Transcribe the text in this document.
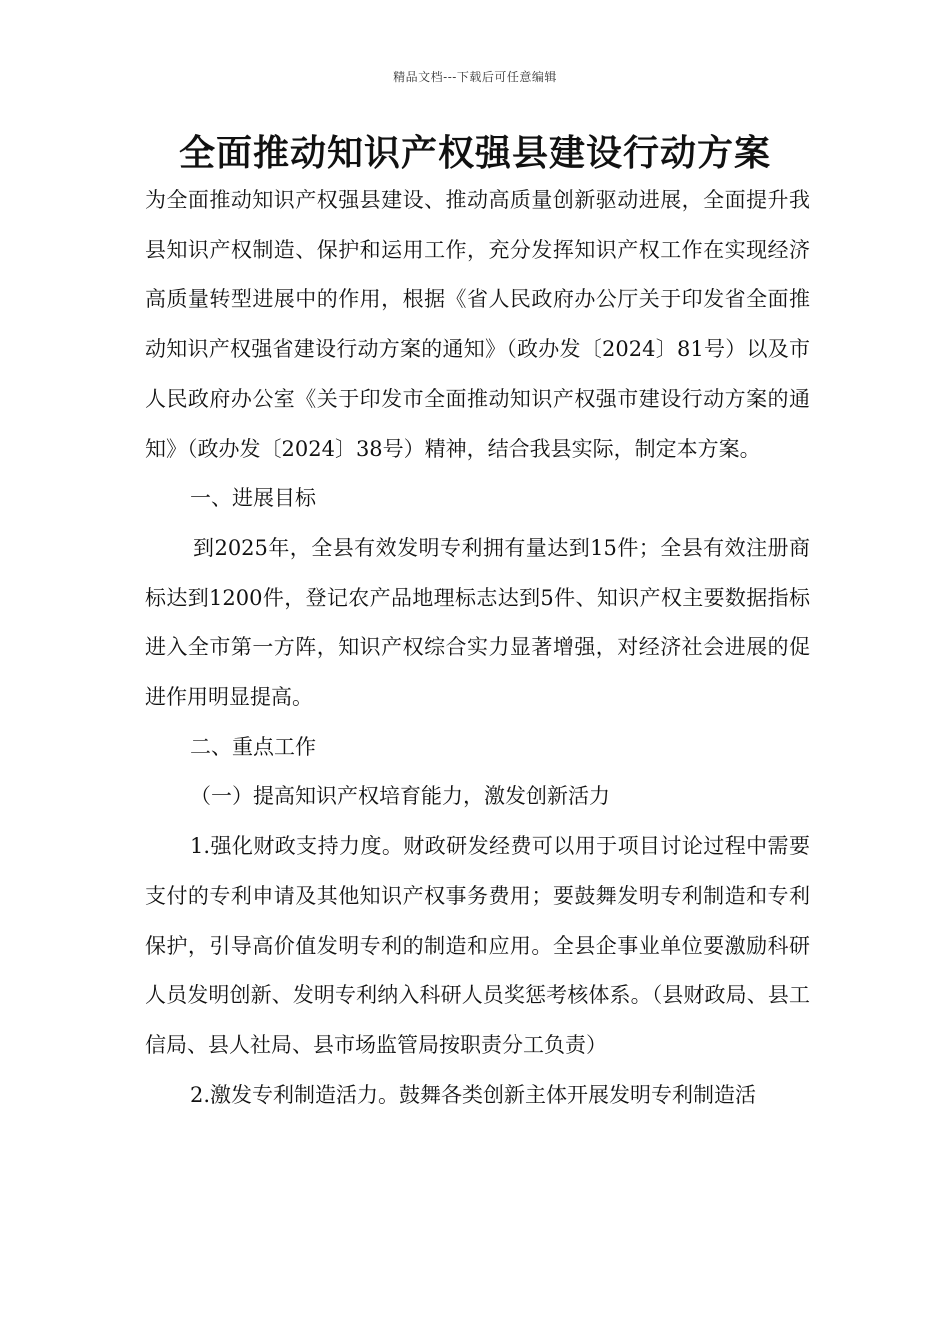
精品文档---下载后可任意编辑
全面推动知识产权强县建设行动方案

为全面推动知识产权强县建设、推动高质量创新驱动进展，全面提升我县知识产权制造、保护和运用工作，充分发挥知识产权工作在实现经济高质量转型进展中的作用，根据《省人民政府办公厅关于印发省全面推动知识产权强省建设行动方案的通知》（政办发〔2024〕81号）以及市人民政府办公室《关于印发市全面推动知识产权强市建设行动方案的通知》（政办发〔2024〕38号）精神，结合我县实际，制定本方案。

一、进展目标

到2025年，全县有效发明专利拥有量达到15件；全县有效注册商标达到1200件，登记农产品地理标志达到5件、知识产权主要数据指标进入全市第一方阵，知识产权综合实力显著增强，对经济社会进展的促进作用明显提高。

二、重点工作

（一）提高知识产权培育能力，激发创新活力

1.强化财政支持力度。财政研发经费可以用于项目讨论过程中需要支付的专利申请及其他知识产权事务费用；要鼓舞发明专利制造和专利保护，引导高价值发明专利的制造和应用。全县企事业单位要激励科研人员发明创新、发明专利纳入科研人员奖惩考核体系。（县财政局、县工信局、县人社局、县市场监管局按职责分工负责）

2.激发专利制造活力。鼓舞各类创新主体开展发明专利制造活
